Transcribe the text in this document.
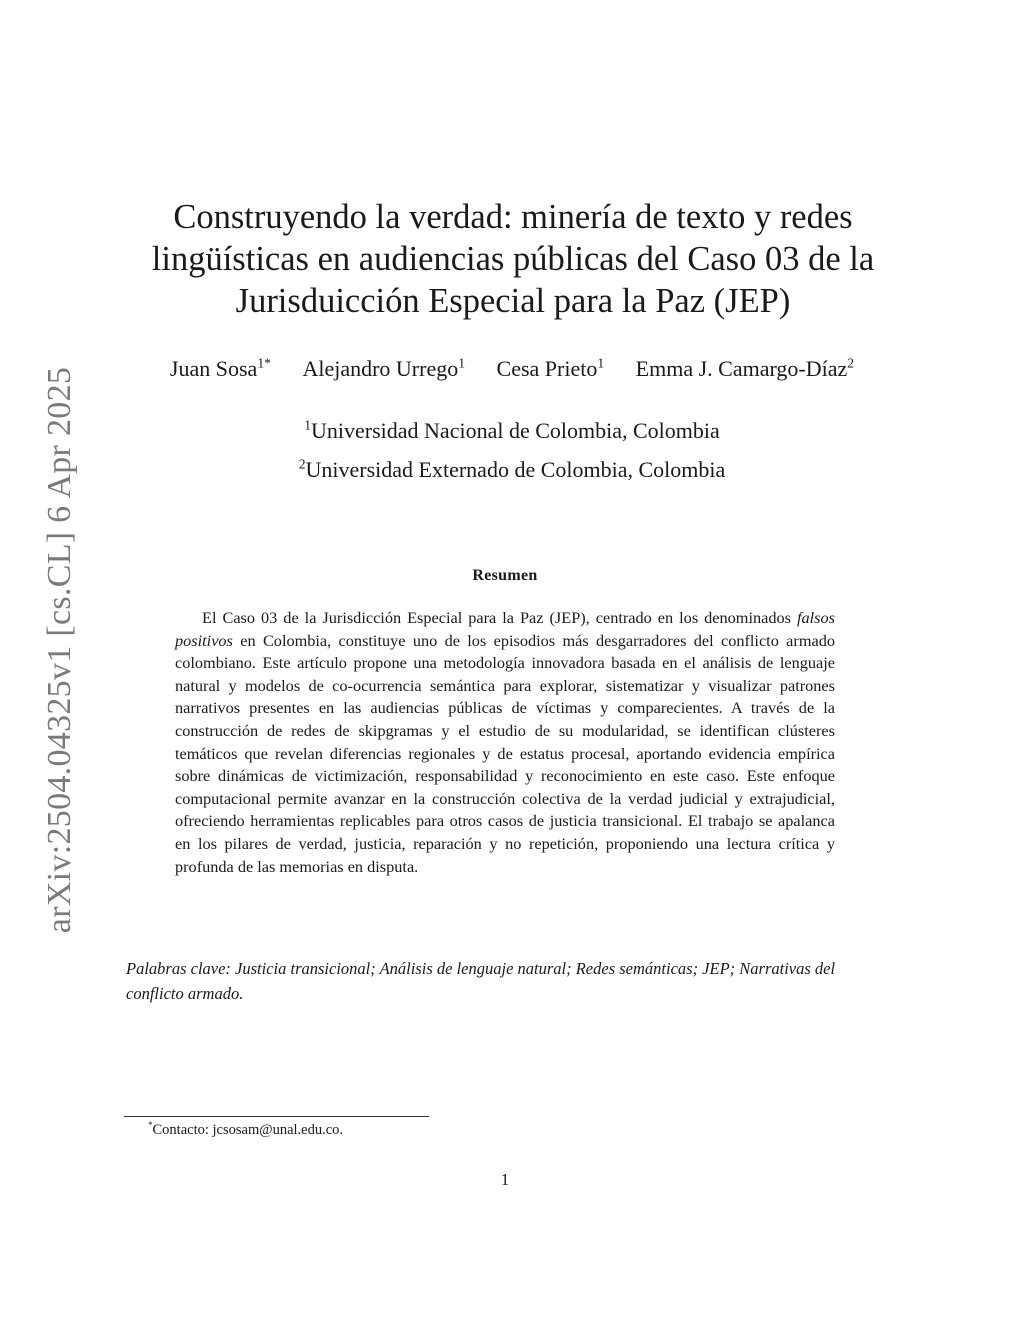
arXiv:2504.04325v1 [cs.CL] 6 Apr 2025
Construyendo la verdad: minería de texto y redes lingüísticas en audiencias públicas del Caso 03 de la Jurisduicción Especial para la Paz (JEP)
Juan Sosa$^{1*}$ Alejandro Urrego$^1$ Cesa Prieto$^1$ Emma J. Camargo-Díaz$^2$
$^1$Universidad Nacional de Colombia, Colombia
$^2$Universidad Externado de Colombia, Colombia
Resumen

El Caso 03 de la Jurisdicción Especial para la Paz (JEP), centrado en los denominados falsos positivos en Colombia, constituye uno de los episodios más desgarradores del conflicto armado colombiano. Este artículo propone una metodología innovadora basada en el análisis de lenguaje natural y modelos de co-ocurrencia semántica para explorar, sistematizar y visualizar patrones narrativos presentes en las audiencias públicas de víctimas y comparecientes. A través de la construcción de redes de skipgramas y el estudio de su modularidad, se identifican clústeres temáticos que revelan diferencias regionales y de estatus procesal, aportando evidencia empírica sobre dinámicas de victimización, responsabilidad y reconocimiento en este caso. Este enfoque computacional permite avanzar en la construcción colectiva de la verdad judicial y extrajudicial, ofreciendo herramientas replicables para otros casos de justicia transicional. El trabajo se apalanca en los pilares de verdad, justicia, reparación y no repetición, proponiendo una lectura crítica y profunda de las memorias en disputa.

Palabras clave: Justicia transicional; Análisis de lenguaje natural; Redes semánticas; JEP; Narrativas del conflicto armado.

*Contacto: jcsosam@unal.edu.co.
1
